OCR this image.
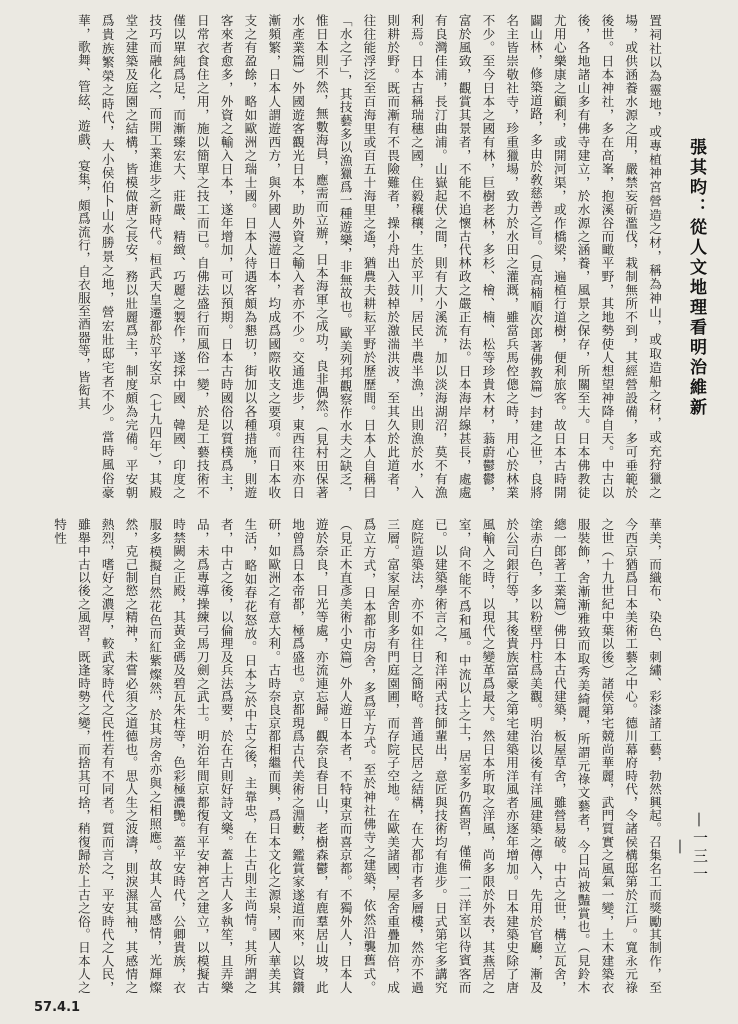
置祠社以為靈地，或專植神宮營造之材，稱為神山，或取造船之材，或充狩獵之場，或供涵養水源之用，嚴禁妄斫濫伐，栽制無所不到，其經營設備，多可垂範於後世。日本神社，多在高峯，抱溪谷而瞰平野，其地勢使人想望神降自天。中古以後，各地諸山多有佛寺建立，於水源之涵養，風景之保存，所關至大。日本佛教徒尤用心樂康之顧利，或開河渠，或作橋梁，遍植行道樹，便利旅客。故日本古時開闢山林，修築道路，多由於敎慈善之旨。（見高楠順次郎著佛教篇）封建之世，良將名主皆崇敬社寺，珍重獵場，致力於水田之灌溉，雖當兵馬倥傯之時，用心於林業不少。至今日本之國有林，巨樹老林，多杉、檜、楠、松等珍貴木材，蓊蔚鬱鬱，富於風致，觀賞其景者，不能不追懷古代林政之嚴正有法。日本海岸線甚長，處處有良灣佳浦，長汀曲浦。山嶽起伏之間，則有大小溪流，加以淡海湖沼，莫不有漁利焉。日本古稱瑞穗之國，住毅穰穰，生於平川，居民半農半漁，出則漁於水，入則耕於野。既而漸有不畏險難者，操小舟出入鼓棹於激湍洪波，至其久於此道者，往往能浮泛至百海里或百五十海里之遙，猶農夫耕耘平野於歷歷間。日本人自稱曰「水之子」，其技藝多以漁獵爲一種遊樂，非無故也。歐美列邦觀察作水夫之缺乏，惟日本則不然，無數海員，應需而立辦，日本海軍之成功，良非偶然。（見村田保著水產業篇）外國遊客觀光日本，助外資之輸入者亦不少。交通進步，東西往來亦日漸頻繁，日本人謂遊西方，與外國人漫遊日本，均成爲國際收支之要項。而日本收支之有盈餘，略如歐洲之瑞士國。日本人待遇客頗為懇切，街加以各種措施，則遊客來者愈多，外資之輸入日本，遂年增加，可以預期。日本古時國俗以質樸爲主，日常衣食住之用，施以簡單之技工而已。自佛法盛行而風俗一變，於是工藝技術不僅以單純爲足，而漸臻宏大、莊嚴、精緻、巧麗之製作，遂採中國、韓國、印度之技巧而融化之，而開工業進步之新時代。桓武天皇遷都於平安京（七九四年），其殿堂之建築及庭園之結構，皆模做唐之長安，務以壯麗爲主，制度頗為完備。平安朝爲貴族繁榮之時代，大小侯伯卜山水勝景之地，營宏壯邸宅者不少。當時風俗豪華，歌舞、管絃、遊戲、宴集，頗爲流行，自衣服至酒器等，皆衒其

華美，而織布、染色、刺繡、彩漆諸工藝，勃然興起。召集名工而獎勵其制作，至今西京猶爲日本美術工藝之中心。德川幕府時代，令諸侯構邸第於江戶。寬永元祿之世（十九世紀中葉以後）諸侯第宅競尚華麗，武門質實之風氣一變，土木建築衣服裝飾，舍漸漸雅致而取秀美綺麗，所謂元祿文藝者，今日尚被豔賞也。（見鈴木總一郎著工業篇）佛日本古代建築，板屋草舍，雖營易破。中古之世，構立瓦舍，塗赤白色，多以粉壁丹柱爲美觀。明治以後有洋風建築之傳入，先用於官廳，漸及於公司銀行等，其後貴族富豪之第宅建築用洋風者亦逐年增加。日本建築史除了唐風輸入之時，以現代之變革爲最大。然日本所取之洋風，尚多限於外表，其燕居之室，尙不能不爲和風。中流以上之士，居室多仍舊習，僅備一二洋室以待賓客而已。以建築學術言之，和洋兩式技師輩出，意匠與技術均有進步。日式第宅多講究庭院造築法，亦不如往日之簡略。普通民居之結構，在大都市者多層樓，然亦不過三層。富家屋舍則多有門庭園圃，而存院子空地。在歐美諸國，屋舍重疊加倍，成爲立方式，日本都市房舍，多爲平方式。至於神社佛寺之建築，依然沿襲舊式。（見正木直彥美術小史篇）外人遊日本者，不特東京而喜京都。不獨外人，日本人遊於奈良，日光等處，亦流連忘歸。觀奈良春日山，老樹森鬱，有鹿羣居山坡，此地曾爲日本帝都，極爲盛也。京都現爲古代美術之淵藪，鑑賞家遂道而來，以資鑽研，如歐洲之有意大利。古時奈良京都相繼而興，爲日本文化之源泉，國人華美其生活，略如春花怒放。日本之於中古之後，主靠忠，在上古則主尚情。其所謂之者，中古之後，以倫理及兵法爲要，於在古則好詩文樂。蓋上古人多執笙，且弄樂品，未爲專導操練弓馬刀劍之武士。明治年間京都復有平安神宮之建立，以模擬古時禁闕之正殿，其黃金碼及碧瓦朱柱等，色彩極濃艷。蓋平安時代，公卿貴族，衣服多模擬自然花色而紅紫燦然，於其房舍亦與之相照應。故其人富感情，光輝燦然，克己制慾之精神，未嘗必須之道德也。思人生之波濤，則淚濕其袖，其感情之熱烈，嗜好之濃厚，較武家時代之民性若有不同者。質而言之，平安時代之人民，雖舉中古以後之風習，既逢時勢之變，而捨其可捨，稍復歸於上古之俗。日本人之特性

張其昀：從人文地理看明治維新
—一三一—
57.4.1
